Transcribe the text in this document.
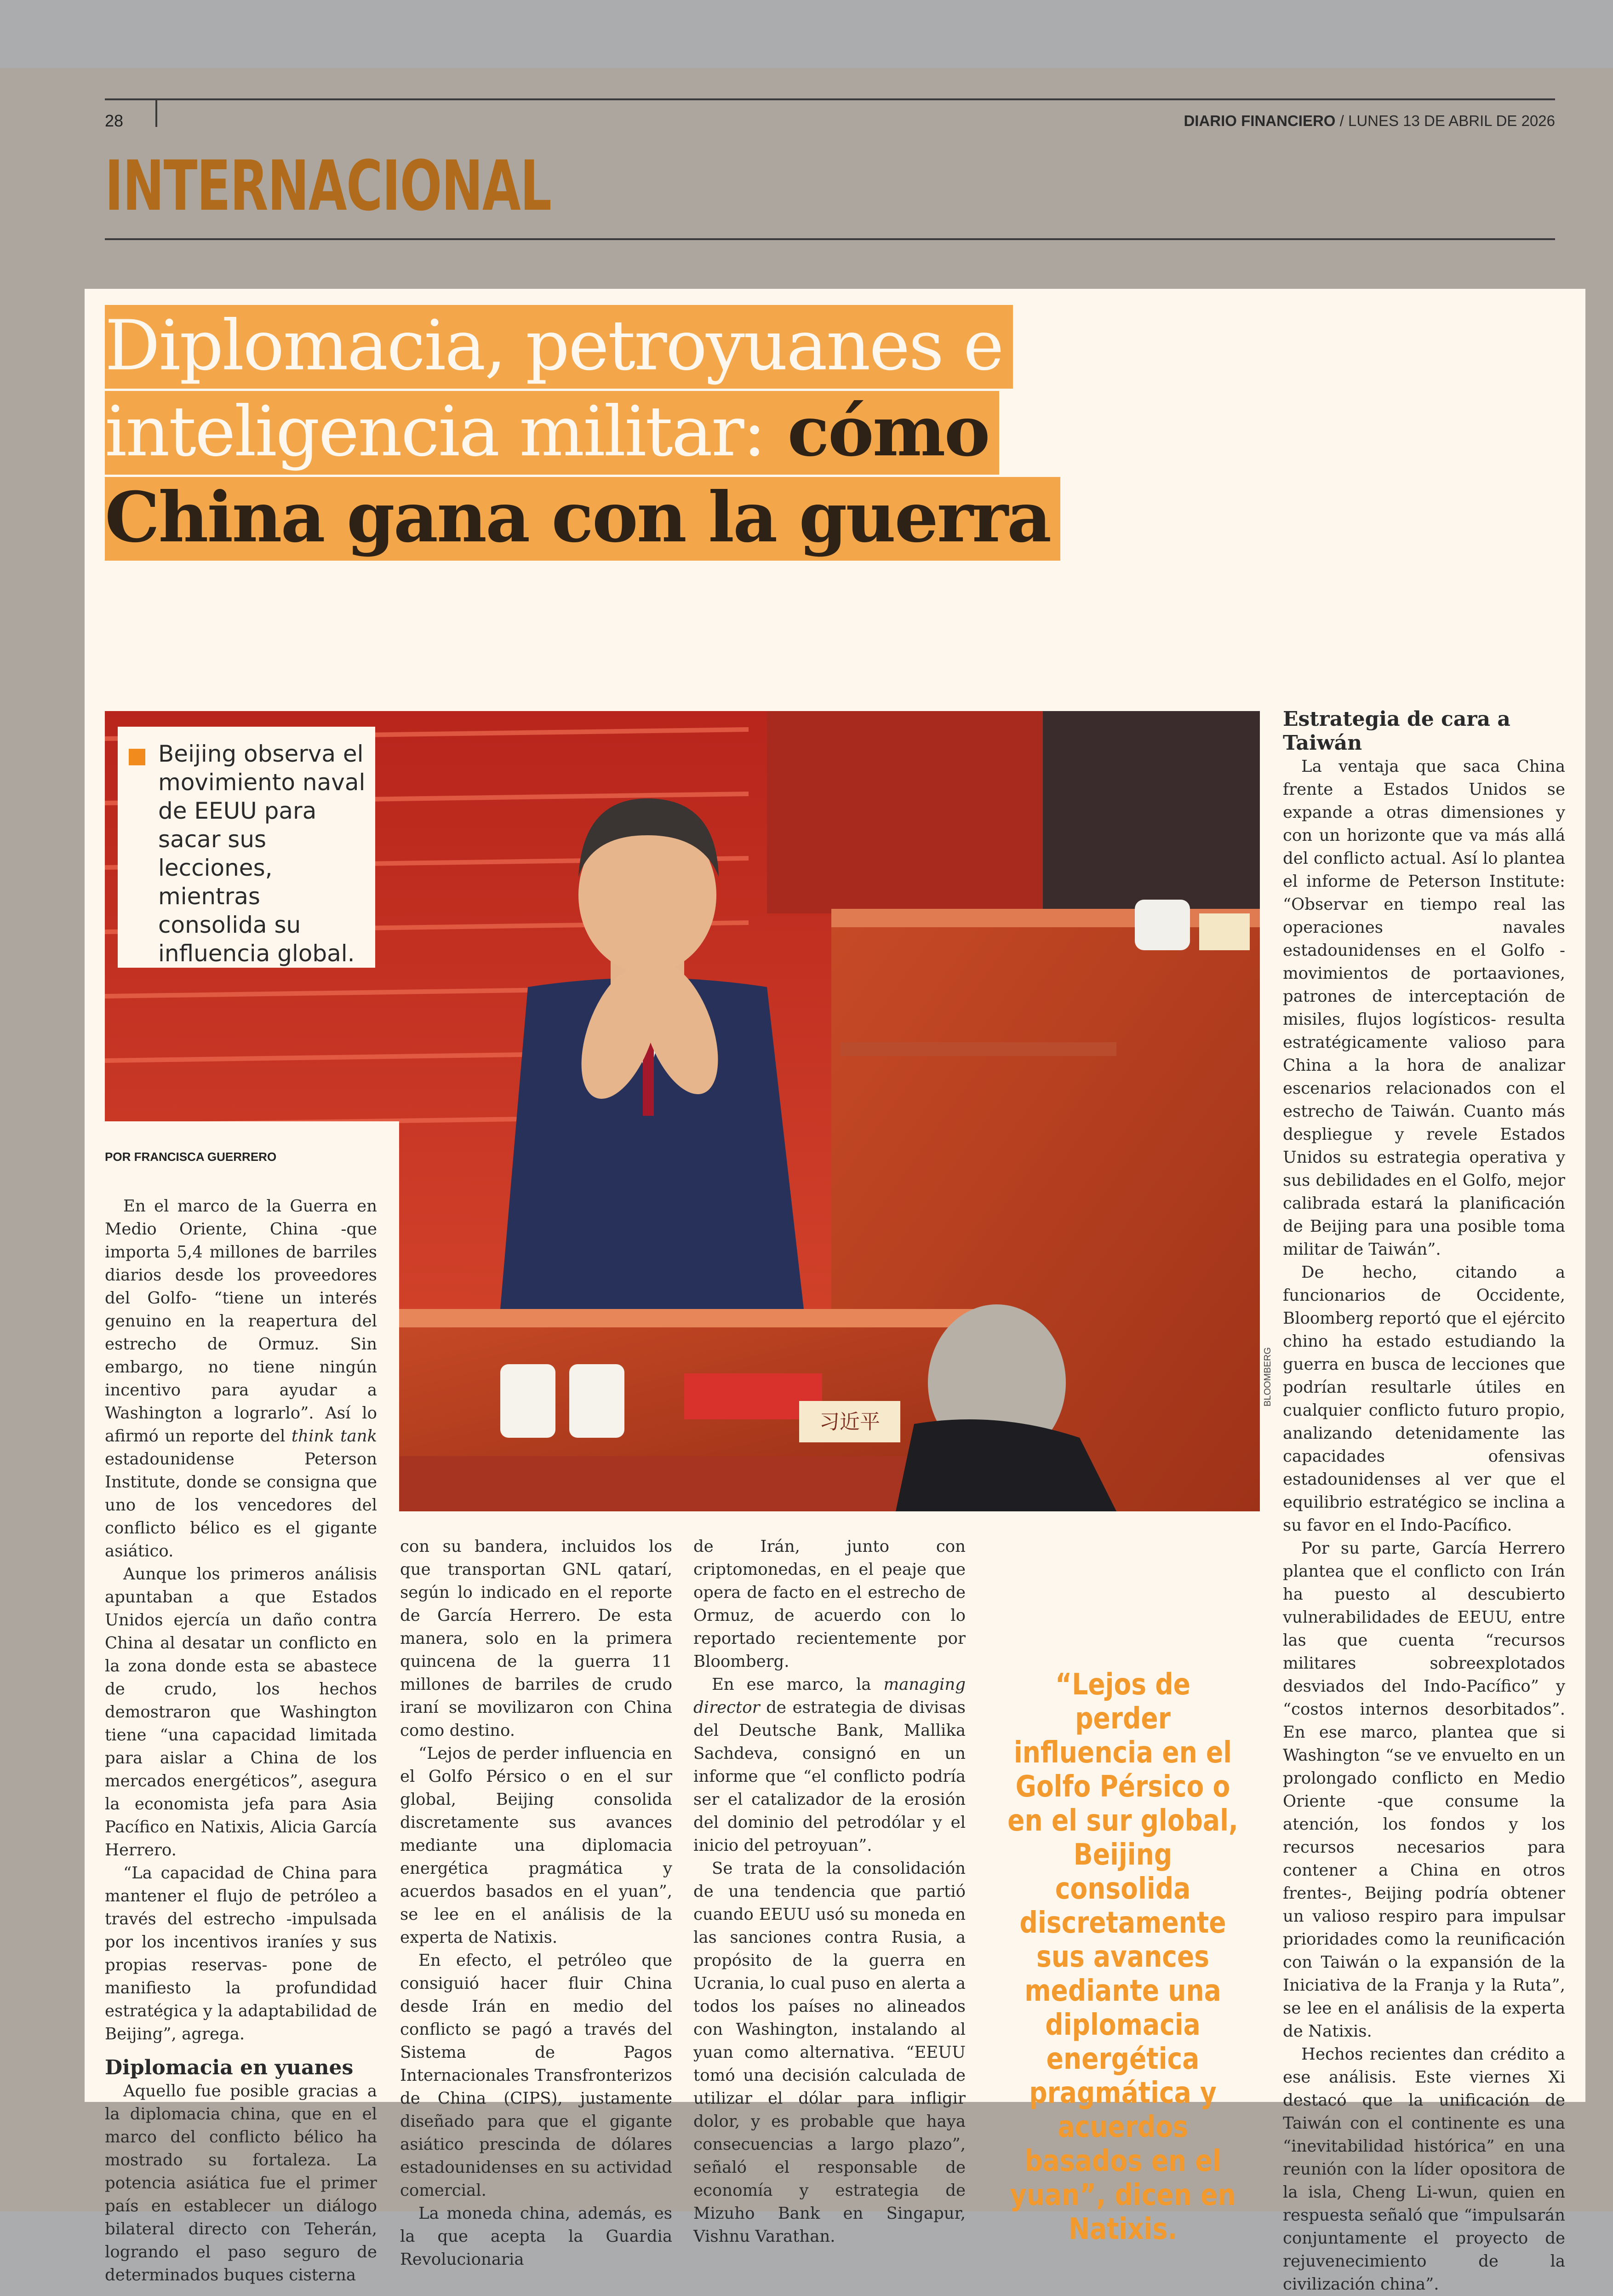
28	DIARIO FINANCIERO / LUNES 13 DE ABRIL DE 2026
INTERNACIONAL
Diplomacia, petroyuanes e inteligencia militar: cómo China gana con la guerra
习近平
BLOOMBERG

Beijing observa el movimiento naval de EEUU para sacar sus lecciones, mientras consolida su influencia global.

POR FRANCISCA GUERRERO

En el marco de la Guerra en Medio Oriente, China -que importa 5,4 millones de barriles diarios desde los proveedores del Golfo- “tiene un interés genuino en la reapertura del estrecho de Ormuz. Sin embargo, no tiene ningún incentivo para ayudar a Washington a lograrlo”. Así lo afirmó un reporte del think tank estadounidense Peterson Institute, donde se consigna que uno de los vencedores del conflicto bélico es el gigante asiático.

Aunque los primeros análisis apuntaban a que Estados Unidos ejercía un daño contra China al desatar un conflicto en la zona donde esta se abastece de crudo, los hechos demostraron que Washington tiene “una capacidad limitada para aislar a China de los mercados energéticos”, asegura la economista jefa para Asia Pacífico en Natixis, Alicia García Herrero.

“La capacidad de China para mantener el flujo de petróleo a través del estrecho -impulsada por los incentivos iraníes y sus propias reservas- pone de manifiesto la profundidad estratégica y la adaptabilidad de Beijing”, agrega.

Diplomacia en yuanes

Aquello fue posible gracias a la diplomacia china, que en el marco del conflicto bélico ha mostrado su fortaleza. La potencia asiática fue el primer país en establecer un diálogo bilateral directo con Teherán, logrando el paso seguro de determinados buques cisterna

con su bandera, incluidos los que transportan GNL qatarí, según lo indicado en el reporte de García Herrero. De esta manera, solo en la primera quincena de la guerra 11 millones de barriles de crudo iraní se movilizaron con China como destino.

“Lejos de perder influencia en el Golfo Pérsico o en el sur global, Beijing consolida discretamente sus avances mediante una diplomacia energética pragmática y acuerdos basados en el yuan”, se lee en el análisis de la experta de Natixis.

En efecto, el petróleo que consiguió hacer fluir China desde Irán en medio del conflicto se pagó a través del Sistema de Pagos Internacionales Transfronterizos de China (CIPS), justamente diseñado para que el gigante asiático prescinda de dólares estadounidenses en su actividad comercial.

La moneda china, además, es la que acepta la Guardia Revolucionaria

de Irán, junto con criptomonedas, en el peaje que opera de facto en el estrecho de Ormuz, de acuerdo con lo reportado recientemente por Bloomberg.

En ese marco, la managing director de estrategia de divisas del Deutsche Bank, Mallika Sachdeva, consignó en un informe que “el conflicto podría ser el catalizador de la erosión del dominio del petrodólar y el inicio del petroyuan”.

Se trata de la consolidación de una tendencia que partió cuando EEUU usó su moneda en las sanciones contra Rusia, a propósito de la guerra en Ucrania, lo cual puso en alerta a todos los países no alineados con Washington, instalando al yuan como alternativa. “EEUU tomó una decisión calculada de utilizar el dólar para infligir dolor, y es probable que haya consecuencias a largo plazo”, señaló el responsable de economía y estrategia de Mizuho Bank en Singapur, Vishnu Varathan.

“Lejos de perder influencia en el Golfo Pérsico o en el sur global, Beijing consolida discretamente sus avances mediante una diplomacia energética pragmática y acuerdos basados en el yuan”, dicen en Natixis.

Estrategia de cara a Taiwán

La ventaja que saca China frente a Estados Unidos se expande a otras dimensiones y con un horizonte que va más allá del conflicto actual. Así lo plantea el informe de Peterson Institute: “Observar en tiempo real las operaciones navales estadounidenses en el Golfo -movimientos de portaaviones, patrones de interceptación de misiles, flujos logísticos- resulta estratégicamente valioso para China a la hora de analizar escenarios relacionados con el estrecho de Taiwán. Cuanto más despliegue y revele Estados Unidos su estrategia operativa y sus debilidades en el Golfo, mejor calibrada estará la planificación de Beijing para una posible toma militar de Taiwán”.

De hecho, citando a funcionarios de Occidente, Bloomberg reportó que el ejército chino ha estado estudiando la guerra en busca de lecciones que podrían resultarle útiles en cualquier conflicto futuro propio, analizando detenidamente las capacidades ofensivas estadounidenses al ver que el equilibrio estratégico se inclina a su favor en el Indo-Pacífico.

Por su parte, García Herrero plantea que el conflicto con Irán ha puesto al descubierto vulnerabilidades de EEUU, entre las que cuenta “recursos militares sobreexplotados desviados del Indo-Pacífico” y “costos internos desorbitados”. En ese marco, plantea que si Washington “se ve envuelto en un prolongado conflicto en Medio Oriente -que consume la atención, los fondos y los recursos necesarios para contener a China en otros frentes-, Beijing podría obtener un valioso respiro para impulsar prioridades como la reunificación con Taiwán o la expansión de la Iniciativa de la Franja y la Ruta”, se lee en el análisis de la experta de Natixis.

Hechos recientes dan crédito a ese análisis. Este viernes Xi destacó que la unificación de Taiwán con el continente es una “inevitabilidad histórica” en una reunión con la líder opositora de la isla, Cheng Li-wun, quien en respuesta señaló que “impulsarán conjuntamente el proyecto de rejuvenecimiento de la civilización china”.
